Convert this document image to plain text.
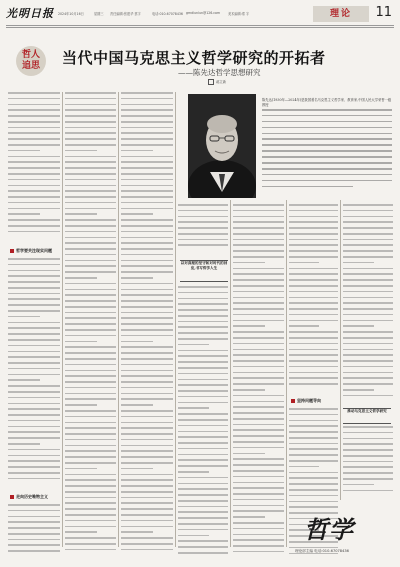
光明日报 2024年10月16日	星期三 责任编辑:张建华 蔡宇	电话:010-67078436 gmdlunlun@126.com 美术编辑:郑 宇	理论	11
哲人
追思	当代中国马克思主义哲学研究的开拓者
——陈先达哲学思想研究
郝立新
陈先达(1930年—2024年)是我国著名马克思主义哲学家、教育家,中国人民大学荣誉一级教授
哲学要关注现实问题
走向历史唯物主义
以对真理的坚守和对时代的回应,书写哲学人生
坚持问题导向
推动马克思主义哲学研究
哲学
理论部主编 电话:010-67078436
